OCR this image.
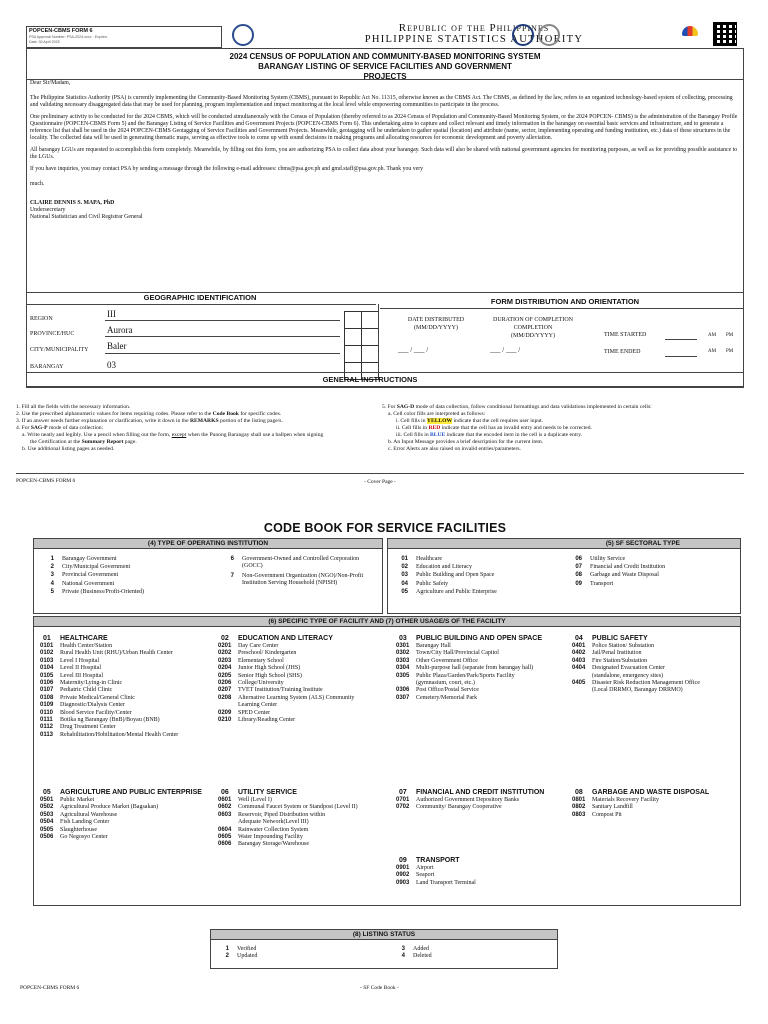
POPCEN-CBMS FORM 6
PSA Approval Number: PSA-2024-xxxx · Expires:
Date: 30 April 2025
Republic of the Philippines
PHILIPPINE STATISTICS AUTHORITY
2024 CENSUS OF POPULATION AND COMMUNITY-BASED MONITORING SYSTEM
BARANGAY LISTING OF SERVICE FACILITIES AND GOVERNMENT
PROJECTS

Dear Sir/Madam,

The Philippine Statistics Authority (PSA) is currently implementing the Community-Based Monitoring System (CBMS), pursuant to Republic Act No. 11315, otherwise known as the CBMS Act. The CBMS, as defined by the law, refers to an organized technology-based system of collecting, processing and validating necessary disaggregated data that may be used for planning, program implementation and impact monitoring at the local level while empowering communities to participate in the process.

One preliminary activity to be conducted for the 2024 CBMS, which will be conducted simultaneously with the Census of Population (thereby referred to as 2024 Census of Population and Community-Based Monitoring System, or the 2024 POPCEN- CBMS) is the administration of the Barangay Profile Questionnaire (POPCEN-CBMS Form 5) and the Barangay Listing of Service Facilities and Government Projects (POPCEN-CBMS Form 6). This undertaking aims to capture and collect relevant and timely information in the barangay on essential basic services and infrastructure, and to generate a reference list that shall be used in the 2024 POPCEN-CBMS Geotagging of Service Facilities and Government Projects. Meanwhile, geotagging will be undertaken to gather spatial (location) and attribute (name, sector, implementing operating and funding institution, etc.) data of these structures in the locality. The collected data will be used in generating thematic maps, serving as effective tools to come up with sound decisions in making programs and allocating resources for economic development and poverty alleviation.

All barangay LGUs are requested to accomplish this form completely. Meanwhile, by filling out this form, you are authorizing PSA to collect data about your barangay. Such data will also be shared with national government agencies for monitoring purposes, as well as for providing possible assistance to the LGUs.

If you have inquiries, you may contact PSA by sending a message through the following e-mail addresses: cbms@psa.gov.ph and gmd.staff@psa.gov.ph. Thank you very

much.

CLAIRE DENNIS S. MAPA, PhD
Undersecretary
National Statistician and Civil Registrar General
GEOGRAPHIC IDENTIFICATION	FORM DISTRIBUTION AND ORIENTATION
REGION	III
PROVINCE/HUC	Aurora
CITY/MUNICIPALITY Baler
BARANGAY	03
DATE DISTRIBUTED
(MM/DD/YYYY)
DURATION OF COMPLETION
COMPLETION
(MM/DD/YYYY)
___ / ___ /	___ / ___ /
TIME STARTED	AM PM
TIME ENDED	AM PM
GENERAL INSTRUCTIONS
1. Fill all the fields with the necessary information.
2. Use the prescribed alphanumeric values for items requiring codes. Please refer to the Code Book for specific codes.
3. If an answer needs further explanation or clarification, write it down in the REMARKS portion of the listing page/s.
4. For SAG-P mode of data collection:
a. Write neatly and legibly. Use a pencil when filling out the form, except when the Punong Barangay shall use a ballpen when signing
the Certification at the Summary Report page.
b. Use additional listing pages as needed.
5. For SAG-D mode of data collection, follow conditional formattings and data validations implemented in certain cells:
a. Cell color fills are interpreted as follows:
i. Cell fills in YELLOW indicate that the cell requires user input.
ii. Cell fills in RED indicate that the cell has an invalid entry and needs to be corrected.
iii. Cell fills in BLUE indicate that the encoded item in the cell is a duplicate entry.
b. An Input Message provides a brief description for the current item.
c. Error Alerts are also raised on invalid entries/parameters.
POPCEN-CBMS FORM 6	- Cover Page -
CODE BOOK FOR SERVICE FACILITIES
(4) TYPE OF OPERATING INSTITUTION
1 Barangay Government
2 City/Municipal Government
3 Provincial Government
4 National Government
5 Private (Business/Profit-Oriented)
6 Government-Owned and Controlled Corporation
(GOCC)
7 Non-Government Organization (NGO)/Non-Profit
Institution Serving Household (NPISH)
(5) SF SECTORAL TYPE
01 Healthcare
02 Education and Literacy
03 Public Building and Open Space
04 Public Safety
05 Agriculture and Public Enterprise
06 Utility Service
07 Financial and Credit Institution
08 Garbage and Waste Disposal
09 Transport
(6) SPECIFIC TYPE OF FACILITY AND (7) OTHER USAGE/S OF THE FACILITY
01 HEALTHCARE
0101 Health Center/Station
0102 Rural Health Unit (RHU)/Urban Health Center
0103 Level I Hospital
0104 Level II Hospital
0105 Level III Hospital
0106 Maternity/Lying-in Clinic
0107 Pediatric Child Clinic
0108 Private Medical/General Clinic
0109 Diagnostic/Dialysis Center
0110 Blood Service Facility/Center
0111 Botika ng Barangay (BnB)/Boyau (BNB)
0112 Drug Treatment Center
0113 Rehabilitation/Hobilitation/Mental Health Center
02 EDUCATION AND LITERACY
0201 Day Care Center
0202 Preschool/ Kindergarten
0203 Elementary School
0204 Junior High School (JHS)
0205 Senior High School (SHS)
0206 College/University
0207 TVET Institution/Training Institute
0208 Alternative Learning System (ALS) Community
Learning Center
0209 SPED Center
0210 Library/Reading Center
03 PUBLIC BUILDING AND OPEN SPACE
0301 Barangay Hall
0302 Town/City Hall/Provincial Capitol
0303 Other Government Office
0304 Multi-purpose hall (separate from barangay hall)
0305 Public Plaza/Garden/Park/Sports Facility
(gymnasium, court, etc.)
0306 Post Office/Postal Service
0307 Cemetery/Memorial Park
04 PUBLIC SAFETY
0401 Police Station/ Substation
0402 Jail/Penal Institution
0403 Fire Station/Substation
0404 Designated Evacuation Center
(standalone, emergency sites)
0405 Disaster Risk Reduction Management Office
(Local DRRMO, Barangay DRRMO)
05 AGRICULTURE AND PUBLIC ENTERPRISE
0501 Public Market
0502 Agricultural Produce Market (Bagsakan)
0503 Agricultural Warehouse
0504 Fish Landing Center
0505 Slaughterhouse
0506 Go Negosyo Center
06 UTILITY SERVICE
0601 Well (Level I)
0602 Communal Faucet System or Standpost (Level II)
0603 Reservoir, Piped Distribution within
Adequate Network(Level III)
0604 Rainwater Collection System
0605 Water Impounding Facility
0606 Barangay Storage/Warehouse
07 FINANCIAL AND CREDIT INSTITUTION
0701 Authorized Government Depository Banks
0702 Community/ Barangay Cooperative
08 GARBAGE AND WASTE DISPOSAL
0801 Materials Recovery Facility
0802 Sanitary Landfill
0803 Compost Pit
09 TRANSPORT
0901 Airport
0902 Seaport
0903 Land Transport Terminal
(8) LISTING STATUS
1 Verified
2 Updated
3 Added
4 Deleted
POPCEN-CBMS FORM 6	- SF Code Book -
